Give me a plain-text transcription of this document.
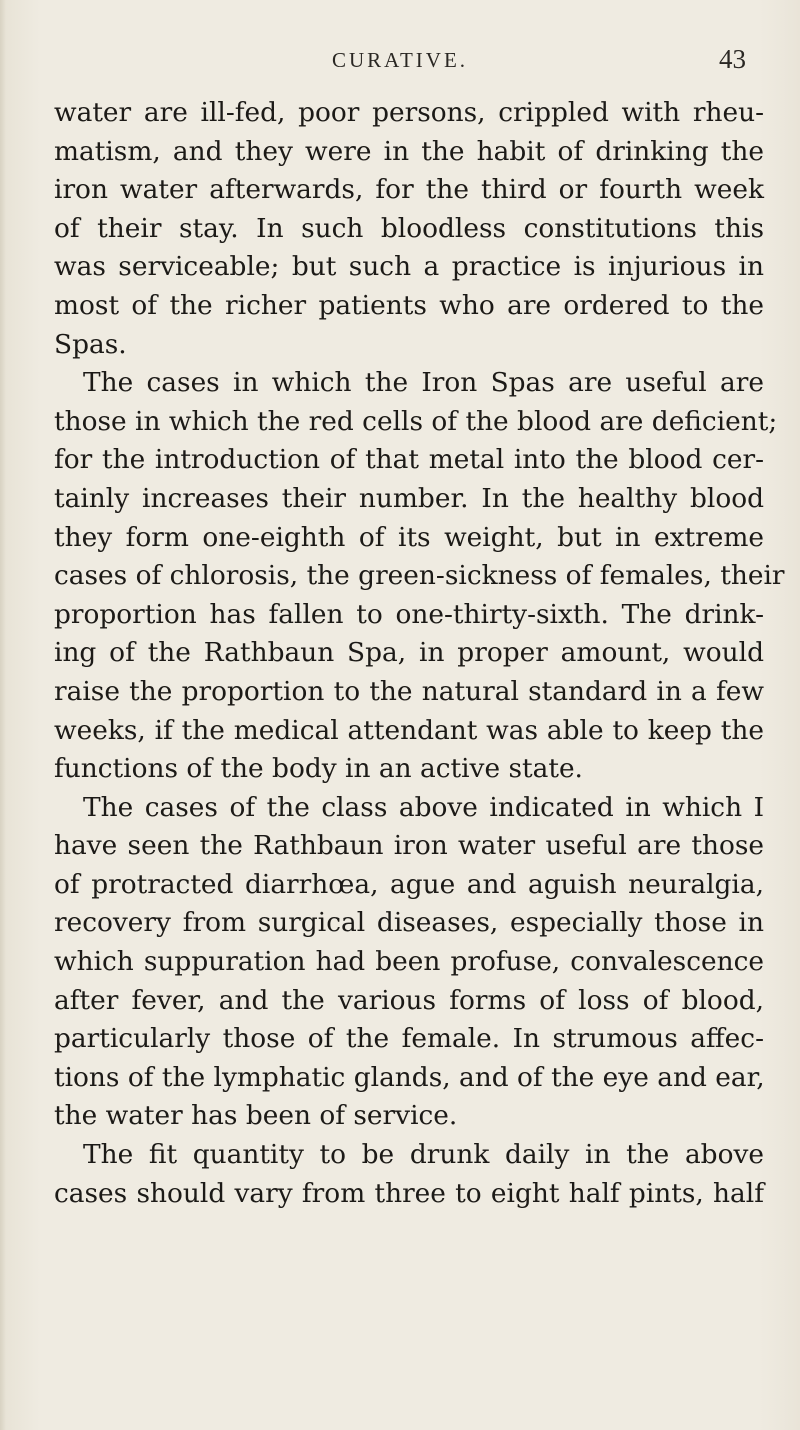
CURATIVE.	43
water are ill-fed, poor persons, crippled with rheu-
matism, and they were in the habit of drinking the
iron water afterwards, for the third or fourth week
of their stay. In such bloodless constitutions this
was serviceable; but such a practice is injurious in
most of the richer patients who are ordered to the
Spas.
The cases in which the Iron Spas are useful are
those in which the red cells of the blood are deficient;
for the introduction of that metal into the blood cer-
tainly increases their number. In the healthy blood
they form one-eighth of its weight, but in extreme
cases of chlorosis, the green-sickness of females, their
proportion has fallen to one-thirty-sixth. The drink-
ing of the Rathbaun Spa, in proper amount, would
raise the proportion to the natural standard in a few
weeks, if the medical attendant was able to keep the
functions of the body in an active state.
The cases of the class above indicated in which I
have seen the Rathbaun iron water useful are those
of protracted diarrhœa, ague and aguish neuralgia,
recovery from surgical diseases, especially those in
which suppuration had been profuse, convalescence
after fever, and the various forms of loss of blood,
particularly those of the female. In strumous affec-
tions of the lymphatic glands, and of the eye and ear,
the water has been of service.
The fit quantity to be drunk daily in the above
cases should vary from three to eight half pints, half
